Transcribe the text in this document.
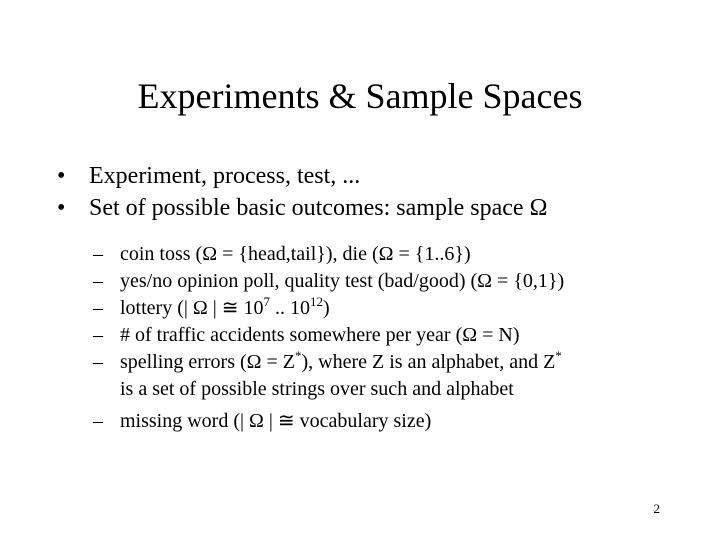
Experiments & Sample Spaces
• Experiment, process, test, ...
• Set of possible basic outcomes: sample space Ω
– coin toss (Ω = {head,tail}), die (Ω = {1..6})
– yes/no opinion poll, quality test (bad/good) (Ω = {0,1})
– lottery (| Ω | ≅ $10^7$ .. $10^{12}$)
– # of traffic accidents somewhere per year (Ω = N)
– spelling errors (Ω = Z*), where Z is an alphabet, and Z*
is a set of possible strings over such and alphabet
– missing word (| Ω | ≅ vocabulary size)
2
